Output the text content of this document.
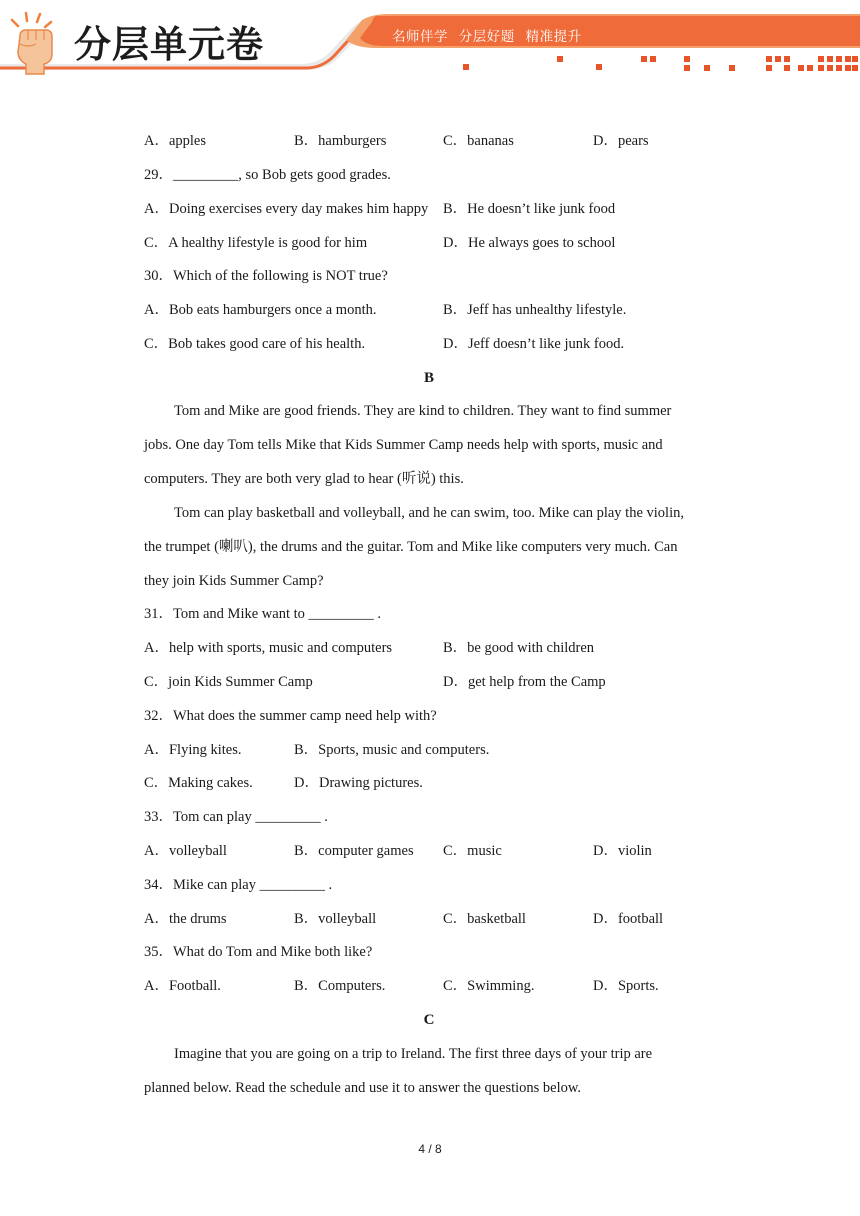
分层单元卷	名师伴学 分层好题 精准提升
A．apples	B．hamburgers	C．bananas	D．pears
29．_________, so Bob gets good grades.
A．Doing exercises every day makes him happy B．He doesn’t like junk food
C．A healthy lifestyle is good for him	D．He always goes to school
30．Which of the following is NOT true?
A．Bob eats hamburgers once a month.	B．Jeff has unhealthy lifestyle.
C．Bob takes good care of his health.	D．Jeff doesn’t like junk food.
B
Tom and Mike are good friends. They are kind to children. They want to find summer
jobs. One day Tom tells Mike that Kids Summer Camp needs help with sports, music and
computers. They are both very glad to hear (听说) this.
Tom can play basketball and volleyball, and he can swim, too. Mike can play the violin,
the trumpet (喇叭), the drums and the guitar. Tom and Mike like computers very much. Can
they join Kids Summer Camp?
31．Tom and Mike want to _________ .
A．help with sports, music and computers	B．be good with children
C．join Kids Summer Camp	D．get help from the Camp
32．What does the summer camp need help with?
A．Flying kites.	B．Sports, music and computers.
C．Making cakes.	D．Drawing pictures.
33．Tom can play _________ .
A．volleyball	B．computer games C．music	D．violin
34．Mike can play _________ .
A．the drums	B．volleyball	C．basketball	D．football
35．What do Tom and Mike both like?
A．Football.	B．Computers.	C．Swimming.	D．Sports.
C
Imagine that you are going on a trip to Ireland. The first three days of your trip are
planned below. Read the schedule and use it to answer the questions below.
4 / 8
